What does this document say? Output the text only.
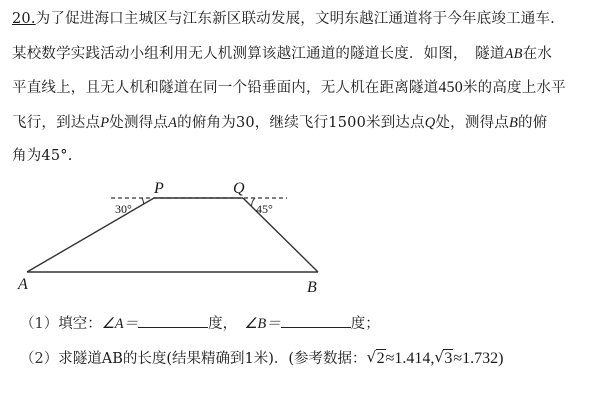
20.为了促进海口主城区与江东新区联动发展，文明东越江通道将于今年底竣工通车.
某校数学实践活动小组利用无人机测算该越江通道的隧道长度．如图，　隧道AB在水
平直线上，且无人机和隧道在同一个铅垂面内，无人机在距离隧道450米的高度上水平
飞行，到达点P处测得点A的俯角为30，继续飞行1500米到达点Q处，测得点B的俯
角为45°.
P	Q
A	B
30°	45°
（1）填空：∠A＝	度，　 ∠B＝	度；
（2）求隧道AB的长度(结果精确到1米)．(参考数据： √ 2≈1.414, √ 3≈1.732)
